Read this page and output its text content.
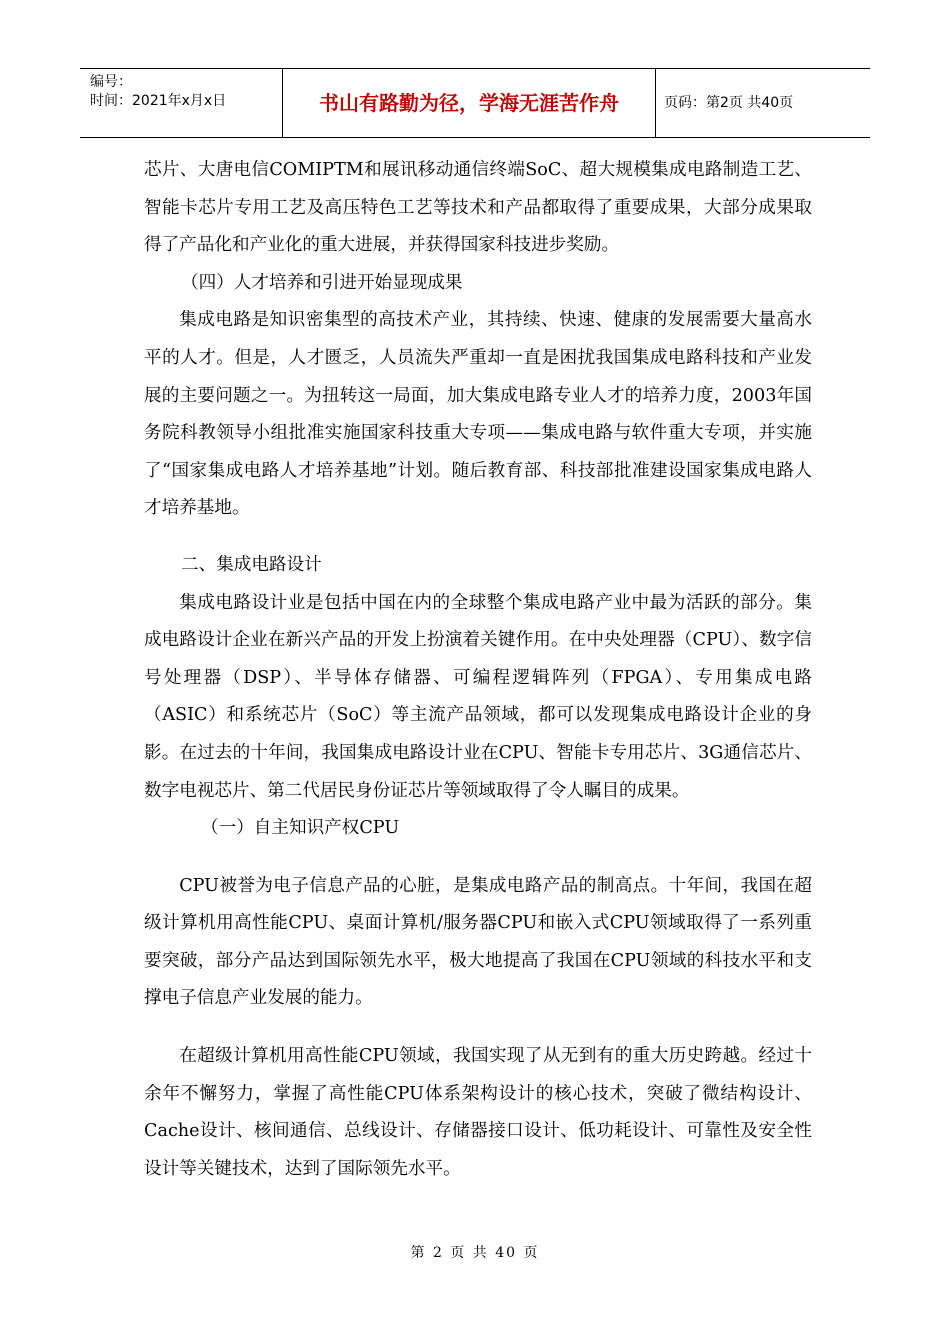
编号：
时间：2021年x月x日	书山有路勤为径，学海无涯苦作舟	页码：第2页 共40页

芯片、大唐电信COMIPTM和展讯移动通信终端SoC、超大规模集成电路制造工艺、智能卡芯片专用工艺及高压特色工艺等技术和产品都取得了重要成果，大部分成果取得了产品化和产业化的重大进展，并获得国家科技进步奖励。

（四）人才培养和引进开始显现成果

集成电路是知识密集型的高技术产业，其持续、快速、健康的发展需要大量高水平的人才。但是，人才匮乏，人员流失严重却一直是困扰我国集成电路科技和产业发展的主要问题之一。为扭转这一局面，加大集成电路专业人才的培养力度，2003年国务院科教领导小组批准实施国家科技重大专项——集成电路与软件重大专项，并实施了“国家集成电路人才培养基地”计划。随后教育部、科技部批准建设国家集成电路人才培养基地。

二、集成电路设计

集成电路设计业是包括中国在内的全球整个集成电路产业中最为活跃的部分。集成电路设计企业在新兴产品的开发上扮演着关键作用。在中央处理器（CPU）、数字信号处理器（DSP）、半导体存储器、可编程逻辑阵列（FPGA）、专用集成电路（ASIC）和系统芯片（SoC）等主流产品领域，都可以发现集成电路设计企业的身影。在过去的十年间，我国集成电路设计业在CPU、智能卡专用芯片、3G通信芯片、数字电视芯片、第二代居民身份证芯片等领域取得了令人瞩目的成果。

（一）自主知识产权CPU

CPU被誉为电子信息产品的心脏，是集成电路产品的制高点。十年间，我国在超级计算机用高性能CPU、桌面计算机/服务器CPU和嵌入式CPU领域取得了一系列重要突破，部分产品达到国际领先水平，极大地提高了我国在CPU领域的科技水平和支撑电子信息产业发展的能力。

在超级计算机用高性能CPU领域，我国实现了从无到有的重大历史跨越。经过十余年不懈努力，掌握了高性能CPU体系架构设计的核心技术，突破了微结构设计、Cache设计、核间通信、总线设计、存储器接口设计、低功耗设计、可靠性及安全性设计等关键技术，达到了国际领先水平。

第 2 页 共 40 页
